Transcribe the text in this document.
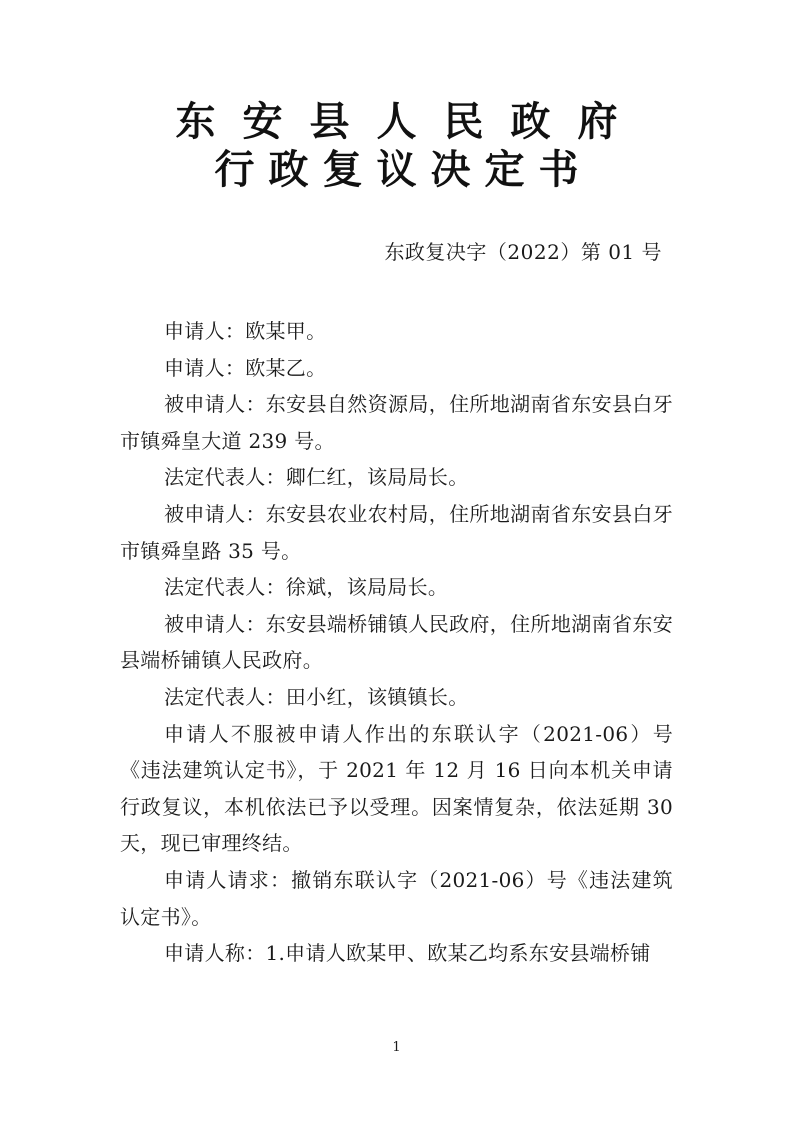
东安县人民政府
行政复议决定书
东政复决字（2022）第 01 号

申请人：欧某甲。

申请人：欧某乙。

被申请人：东安县自然资源局，住所地湖南省东安县白牙市镇舜皇大道 239 号。

法定代表人：卿仁红，该局局长。

被申请人：东安县农业农村局，住所地湖南省东安县白牙市镇舜皇路 35 号。

法定代表人：徐斌，该局局长。

被申请人：东安县端桥铺镇人民政府，住所地湖南省东安县端桥铺镇人民政府。

法定代表人：田小红，该镇镇长。

申请人不服被申请人作出的东联认字（2021-06）号《违法建筑认定书》，于 2021 年 12 月 16 日向本机关申请行政复议，本机依法已予以受理。因案情复杂，依法延期 30 天，现已审理终结。

申请人请求：撤销东联认字（2021-06）号《违法建筑认定书》。

申请人称：1.申请人欧某甲、欧某乙均系东安县端桥铺

1
